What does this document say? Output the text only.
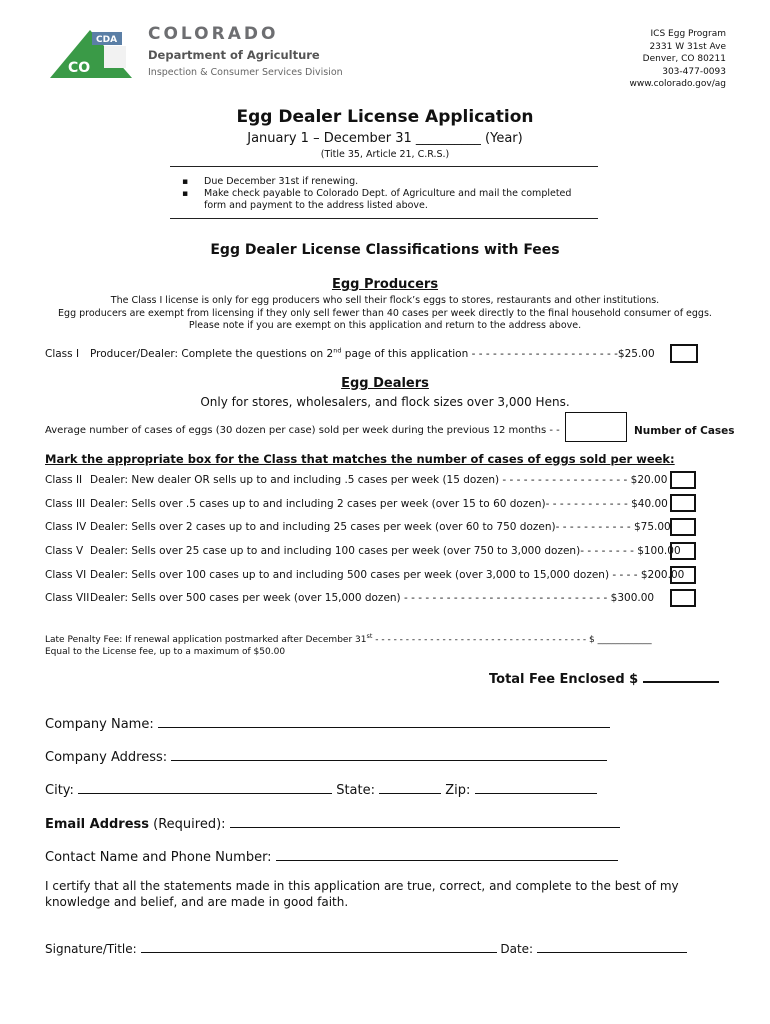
CDA
CO
COLORADO
Department of Agriculture
Inspection & Consumer Services Division
ICS Egg Program
2331 W 31st Ave
Denver, CO 80211
303-477-0093
www.colorado.gov/ag
Egg Dealer License Application
January 1 – December 31 __________ (Year)
(Title 35, Article 21, C.R.S.)
▪ Due December 31st if renewing.
▪ Make check payable to Colorado Dept. of Agriculture and mail the completed form and payment to the address listed above.
Egg Dealer License Classifications with Fees
Egg Producers
The Class I license is only for egg producers who sell their flock’s eggs to stores, restaurants and other institutions.
Egg producers are exempt from licensing if they only sell fewer than 40 cases per week directly to the final household consumer of eggs.
Please note if you are exempt on this application and return to the address above.
Class I Producer/Dealer: Complete the questions on 2nd page of this application - - - - - - - - - - - - - - - - - - - - -$25.00
Egg Dealers
Only for stores, wholesalers, and flock sizes over 3,000 Hens.
Average number of cases of eggs (30 dozen per case) sold per week during the previous 12 months - -	Number of Cases
Mark the appropriate box for the Class that matches the number of cases of eggs sold per week:
Class II Dealer: New dealer OR sells up to and including .5 cases per week (15 dozen) - - - - - - - - - - - - - - - - - - $20.00
Class III Dealer: Sells over .5 cases up to and including 2 cases per week (over 15 to 60 dozen)- - - - - - - - - - - - $40.00
Class IV Dealer: Sells over 2 cases up to and including 25 cases per week (over 60 to 750 dozen)- - - - - - - - - - - $75.00
Class V Dealer: Sells over 25 case up to and including 100 cases per week (over 750 to 3,000 dozen)- - - - - - - - $100.00
Class VI Dealer: Sells over 100 cases up to and including 500 cases per week (over 3,000 to 15,000 dozen) - - - - $200.00
Class VIIDealer: Sells over 500 cases per week (over 15,000 dozen) - - - - - - - - - - - - - - - - - - - - - - - - - - - - - $300.00
Late Penalty Fee: If renewal application postmarked after December 31st - - - - - - - - - - - - - - - - - - - - - - - - - - - - - - - - - - - $ ____________
Equal to the License fee, up to a maximum of $50.00
Total Fee Enclosed $
Company Name:
Company Address:
City:	State:	Zip:
Email Address (Required):
Contact Name and Phone Number:
I certify that all the statements made in this application are true, correct, and complete to the best of my knowledge and belief, and are made in good faith.
Signature/Title:	Date:
